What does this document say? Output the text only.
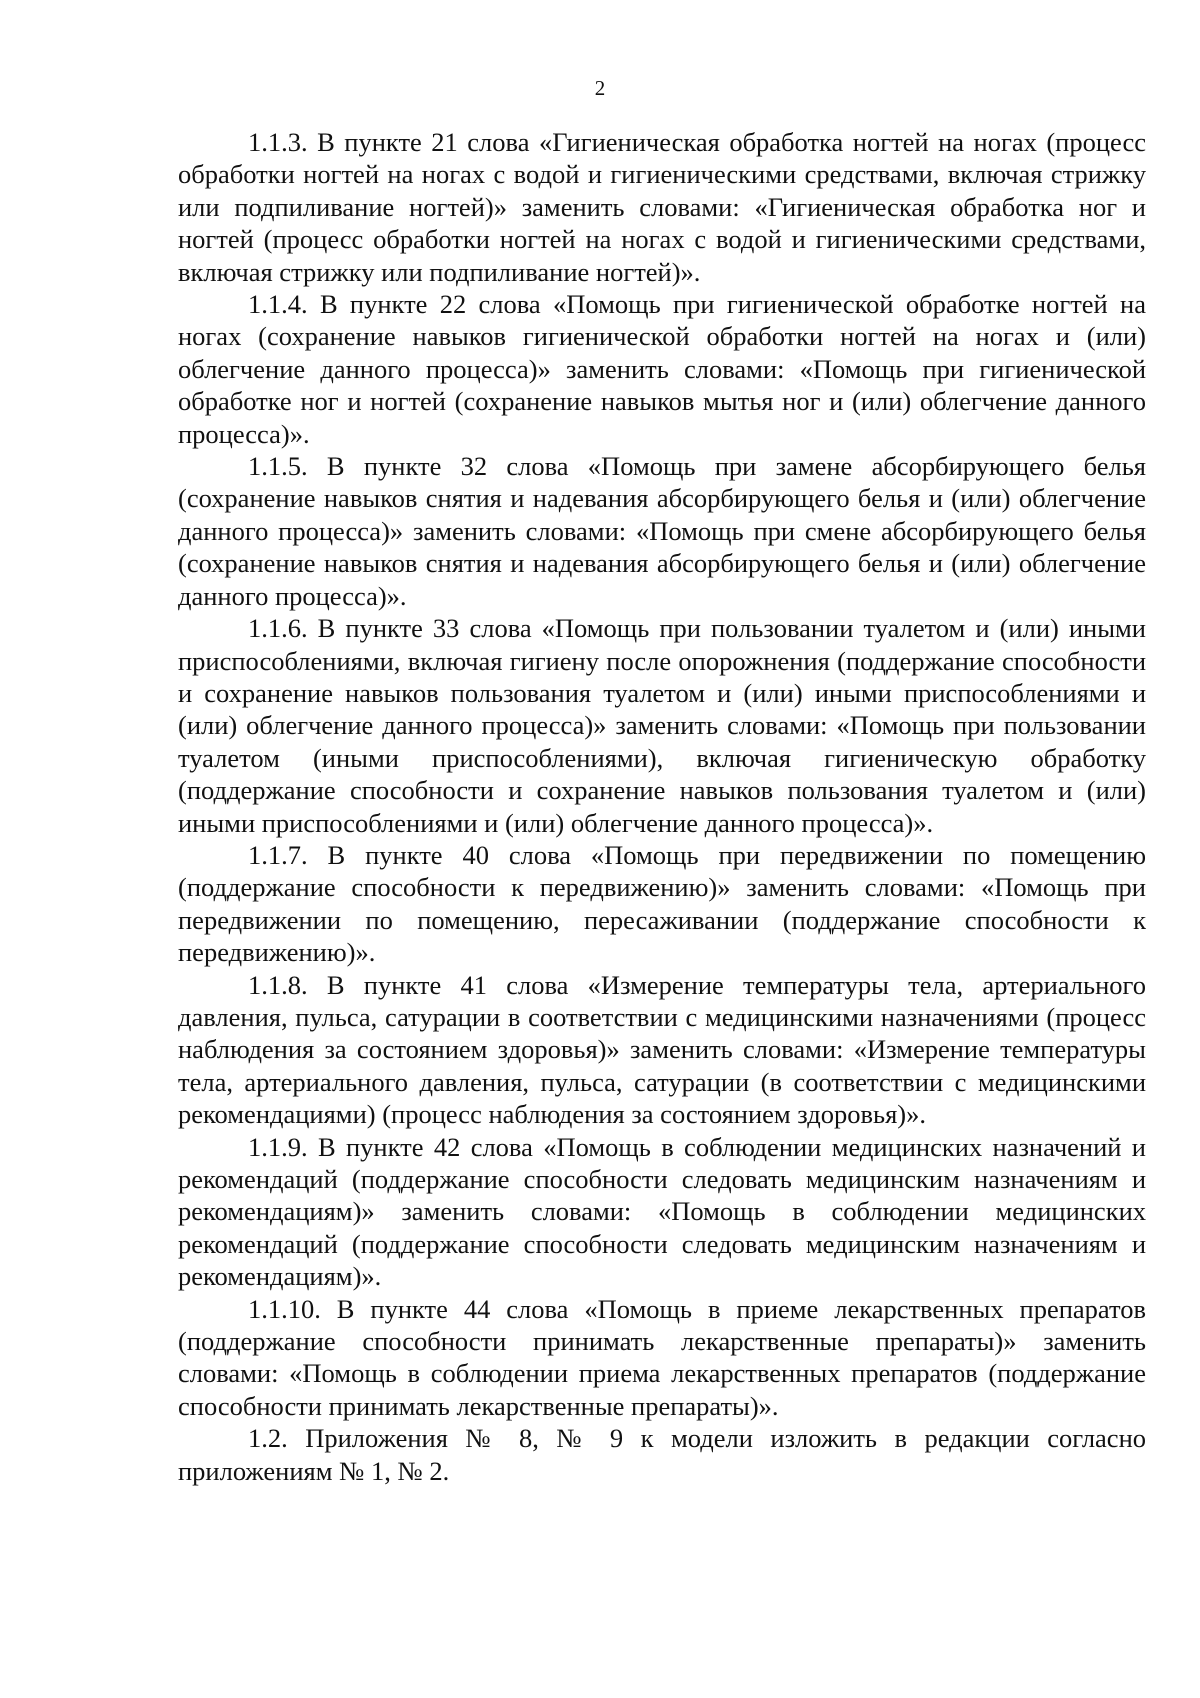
2

1.1.3. В пункте 21 слова «Гигиеническая обработка ногтей на ногах (процесс обработки ногтей на ногах с водой и гигиеническими средствами, включая стрижку или подпиливание ногтей)» заменить словами: «Гигиеническая обработка ног и ногтей (процесс обработки ногтей на ногах с водой и гигиеническими средствами, включая стрижку или подпиливание ногтей)».

1.1.4. В пункте 22 слова «Помощь при гигиенической обработке ногтей на ногах (сохранение навыков гигиенической обработки ногтей на ногах и (или) облегчение данного процесса)» заменить словами: «Помощь при гигиенической обработке ног и ногтей (сохранение навыков мытья ног и (или) облегчение данного процесса)».

1.1.5. В пункте 32 слова «Помощь при замене абсорбирующего белья (сохранение навыков снятия и надевания абсорбирующего белья и (или) облегчение данного процесса)» заменить словами: «Помощь при смене абсорбирующего белья (сохранение навыков снятия и надевания абсорбирующего белья и (или) облегчение данного процесса)».

1.1.6. В пункте 33 слова «Помощь при пользовании туалетом и (или) иными приспособлениями, включая гигиену после опорожнения (поддержание способности и сохранение навыков пользования туалетом и (или) иными приспособлениями и (или) облегчение данного процесса)» заменить словами: «Помощь при пользовании туалетом (иными приспособлениями), включая гигиеническую обработку (поддержание способности и сохранение навыков пользования туалетом и (или) иными приспособлениями и (или) облегчение данного процесса)».

1.1.7. В пункте 40 слова «Помощь при передвижении по помещению (поддержание способности к передвижению)» заменить словами: «Помощь при передвижении по помещению, пересаживании (поддержание способности к передвижению)».

1.1.8. В пункте 41 слова «Измерение температуры тела, артериального давления, пульса, сатурации в соответствии с медицинскими назначениями (процесс наблюдения за состоянием здоровья)» заменить словами: «Измерение температуры тела, артериального давления, пульса, сатурации (в соответствии с медицинскими рекомендациями) (процесс наблюдения за состоянием здоровья)».

1.1.9. В пункте 42 слова «Помощь в соблюдении медицинских назначений и рекомендаций (поддержание способности следовать медицинским назначениям и рекомендациям)» заменить словами: «Помощь в соблюдении медицинских рекомендаций (поддержание способности следовать медицинским назначениям и рекомендациям)».

1.1.10. В пункте 44 слова «Помощь в приеме лекарственных препаратов (поддержание способности принимать лекарственные препараты)» заменить словами: «Помощь в соблюдении приема лекарственных препаратов (поддержание способности принимать лекарственные препараты)».

1.2. Приложения № 8, № 9 к модели изложить в редакции согласно приложениям № 1, № 2.
